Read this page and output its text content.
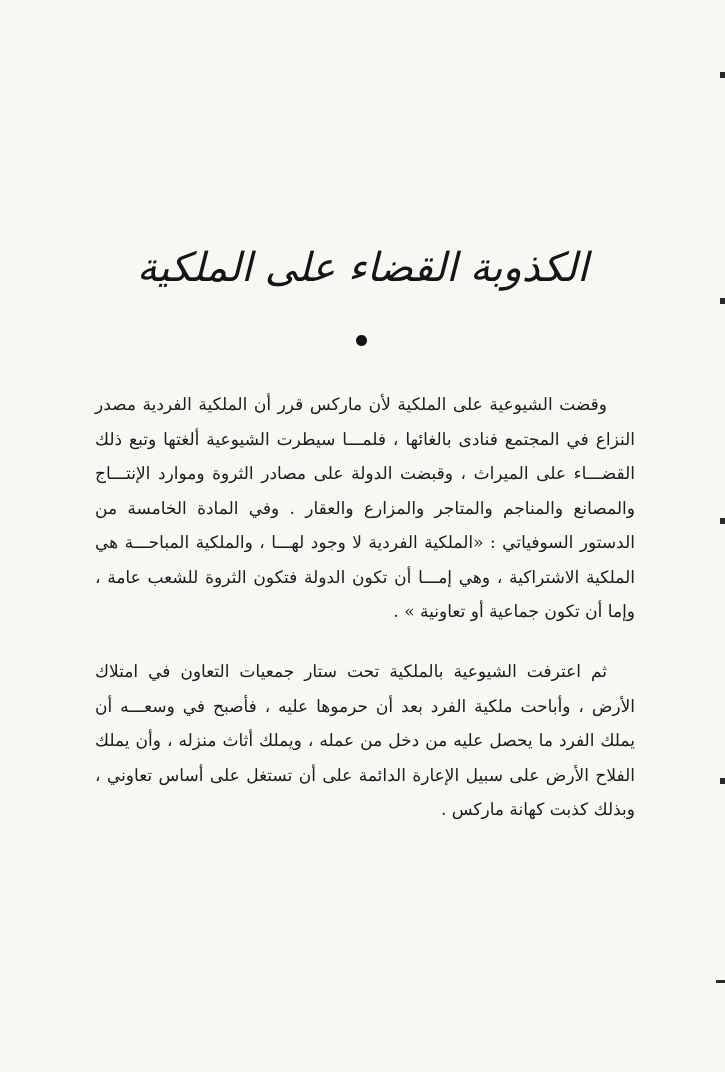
الكذوبة القضاء على الملكية

وقضت الشيوعية على الملكية لأن ماركس قرر أن الملكية الفردية مصدر النزاع في المجتمع فنادى بالغائها ، فلمـــا سيطرت الشيوعية ألغتها وتبع ذلك القضـــاء على الميراث ، وقبضت الدولة على مصادر الثروة وموارد الإنتـــاج والمصانع والمناجم والمتاجر والمزارع والعقار . وفي المادة الخامسة من الدستور السوفياتي : «الملكية الفردية لا وجود لهـــا ، والملكية المباحـــة هي الملكية الاشتراكية ، وهي إمـــا أن تكون الدولة فتكون الثروة للشعب عامة ، وإما أن تكون جماعية أو تعاونية » .

ثم اعترفت الشيوعية بالملكية تحت ستار جمعيات التعاون في امتلاك الأرض ، وأباحت ملكية الفرد بعد أن حرموها عليه ، فأصبح في وسعـــه أن يملك الفرد ما يحصل عليه من دخل من عمله ، ويملك أثاث منزله ، وأن يملك الفلاح الأرض على سبيل الإعارة الدائمة على أن تستغل على أساس تعاوني ، وبذلك كذبت كهانة ماركس .
